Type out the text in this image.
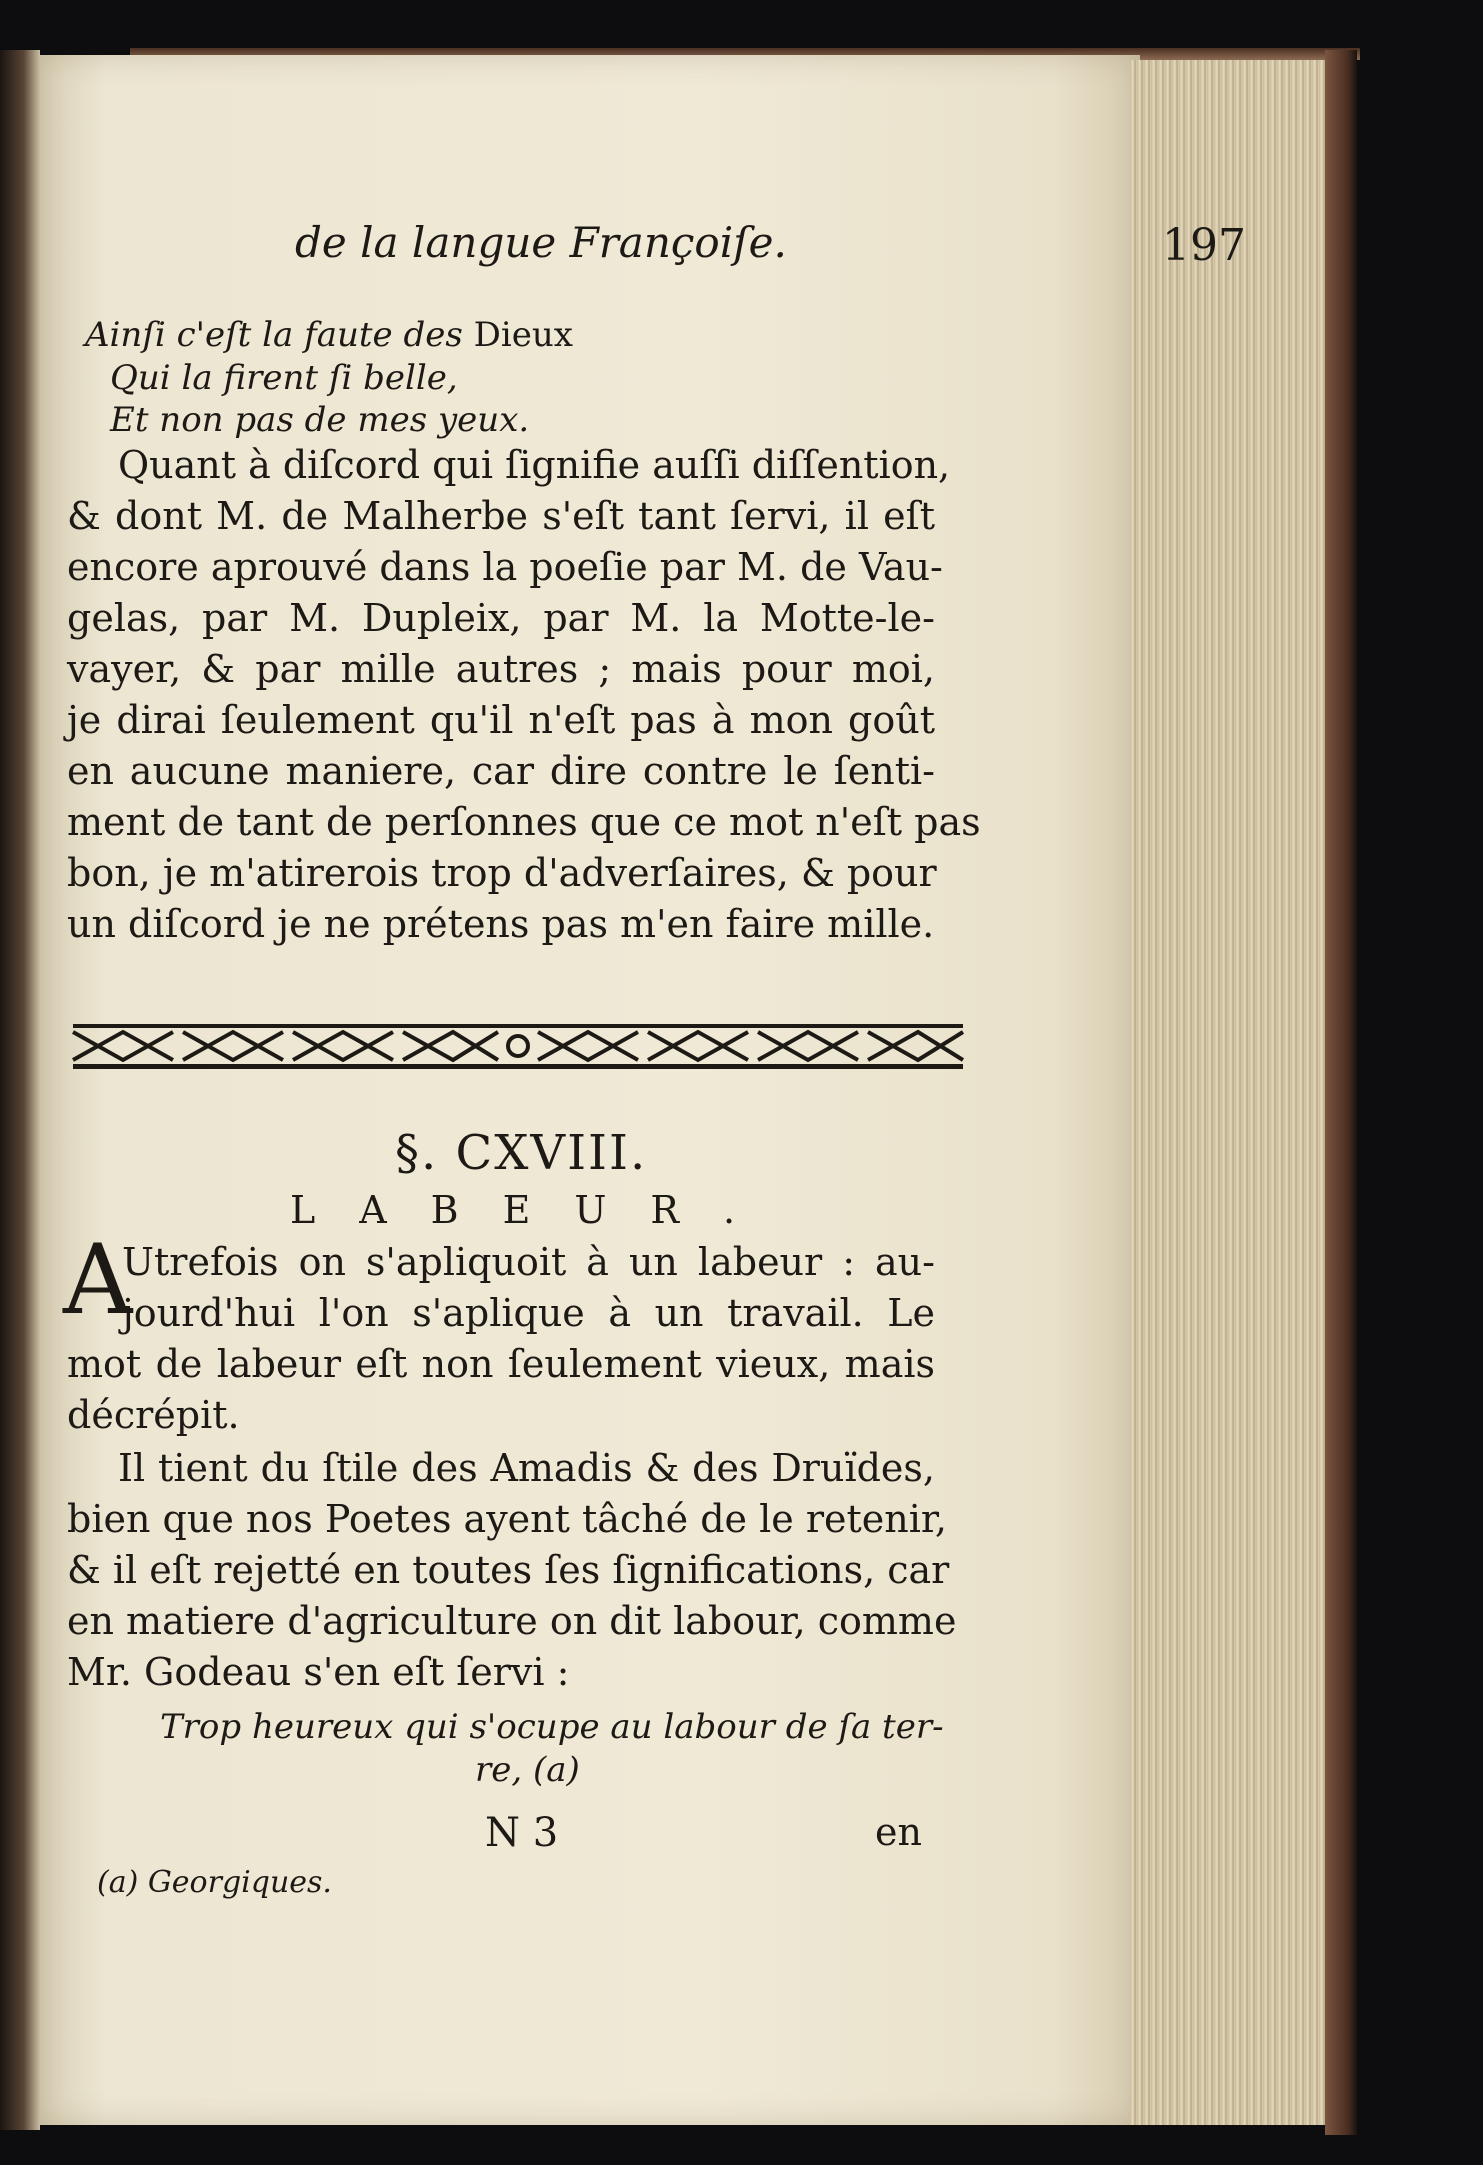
de la langue Françoiſe.	197
Ainſi c'eſt la faute des Dieux
Qui la firent ſi belle,
Et non pas de mes yeux.
Quant à diſcord qui ſignifie auſſi diſſention,
& dont M. de Malherbe s'eſt tant ſervi, il eſt
encore aprouvé dans la poeſie par M. de Vau-
gelas, par M. Dupleix, par M. la Motte-le-
vayer, & par mille autres ; mais pour moi,
je dirai ſeulement qu'il n'eſt pas à mon goût
en aucune maniere, car dire contre le ſenti-
ment de tant de perſonnes que ce mot n'eſt pas
bon, je m'atirerois trop d'adverſaires, & pour
un diſcord je ne prétens pas m'en faire mille.
§. CXVIII.
LABEUR.
A
Utrefois on s'apliquoit à un labeur : au-
jourd'hui l'on s'aplique à un travail. Le
mot de labeur eſt non ſeulement vieux, mais
décrépit.
Il tient du ſtile des Amadis & des Druïdes,
bien que nos Poetes ayent tâché de le retenir,
& il eſt rejetté en toutes ſes ſignifications, car
en matiere d'agriculture on dit labour, comme
Mr. Godeau s'en eſt ſervi :
Trop heureux qui s'ocupe au labour de ſa ter-
re, (a)
N 3	en
(a) Georgiques.
